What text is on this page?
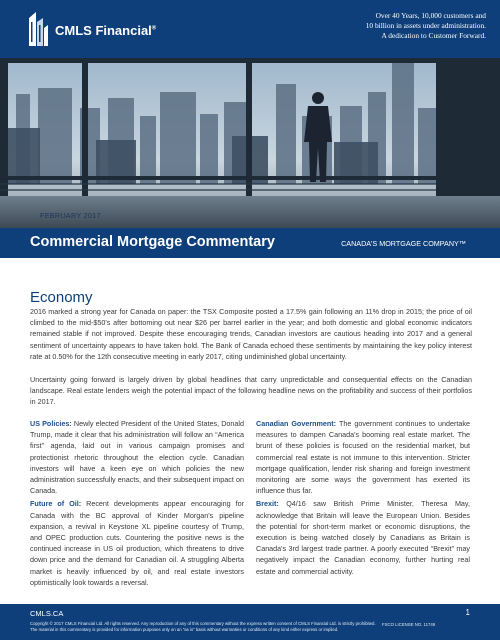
CMLS Financial®
Over 40 Years, 10,000 customers and
10 billion in assets under administration.
A dedication to Customer Forward.
FEBRUARY 2017
Commercial Mortgage Commentary	CANADA'S MORTGAGE COMPANY™
Economy

2016 marked a strong year for Canada on paper: the TSX Composite posted a 17.5% gain following an 11% drop in 2015; the price of oil climbed to the mid-$50's after bottoming out near $26 per barrel earlier in the year; and both domestic and global economic indicators remained stable if not improved. Despite these encouraging trends, Canadian investors are cautious heading into 2017 and a general sentiment of uncertainty appears to have taken hold. The Bank of Canada echoed these sentiments by maintaining the key policy interest rate at 0.50% for the 12th consecutive meeting in early 2017, citing undiminished global uncertainty.

Uncertainty going forward is largely driven by global headlines that carry unpredictable and consequential effects on the Canadian landscape. Real estate lenders weigh the potential impact of the following headline news on the profitability and success of their portfolios in 2017.

US Policies: Newly elected President of the United States, Donald Trump, made it clear that his administration will follow an “America first” agenda, laid out in various campaign promises and protectionist rhetoric throughout the election cycle. Canadian investors will have a keen eye on which policies the new administration successfully enacts, and their subsequent impact on Canada.

Future of Oil: Recent developments appear encouraging for Canada with the BC approval of Kinder Morgan's pipeline expansion, a revival in Keystone XL pipeline courtesy of Trump, and OPEC production cuts. Countering the positive news is the continued increase in US oil production, which threatens to drive down price and the demand for Canadian oil. A struggling Alberta market is heavily influenced by oil, and real estate investors optimistically look towards a reversal.

Canadian Government: The government continues to undertake measures to dampen Canada's booming real estate market. The brunt of these policies is focused on the residential market, but commercial real estate is not immune to this intervention. Stricter mortgage qualification, lender risk sharing and foreign investment monitoring are some ways the government has exerted its influence thus far.

Brexit: Q4/16 saw British Prime Minister, Theresa May, acknowledge that Britain will leave the European Union. Besides the potential for short-term market or economic disruptions, the execution is being watched closely by Canadians as Britain is Canada's 3rd largest trade partner. A poorly executed “Brexit” may negatively impact the Canadian economy, further hurting real estate and commercial activity.

CMLS.CA
Copyright © 2017 CMLS Financial Ltd. All rights reserved. Any reproduction of any of this commentary without the express written consent of CMLS Financial Ltd. is strictly prohibited.
The material in this commentary is provided for information purposes only on an “as is” basis without warranties or conditions of any kind either express or implied.
FSCO LICENSE NO. 11749
1
